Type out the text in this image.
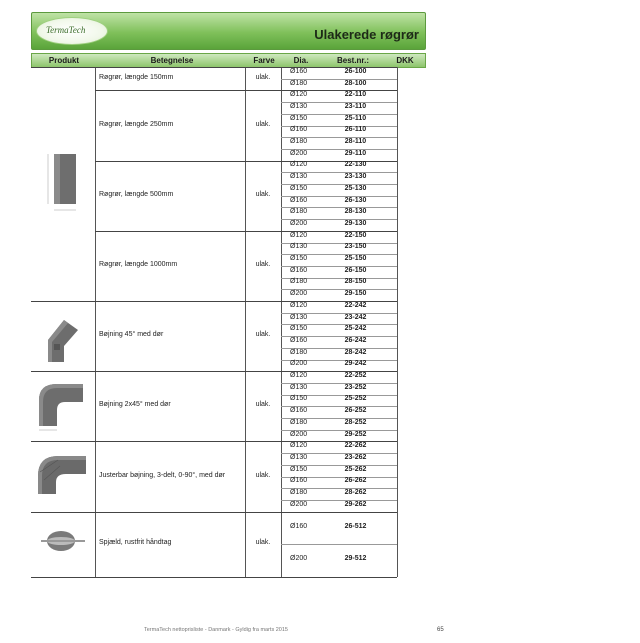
TermaTech	Ulakerede røgrør
Produkt	Betegnelse	Farve	Dia.	Best.nr.:	DKK
Røgrør, længde 150mm	ulak.
Ø160	26-100
Ø180	28-100
Røgrør, længde 250mm	ulak.
Ø120	22-110
Ø130	23-110
Ø150	25-110
Ø160	26-110
Ø180	28-110
Ø200	29-110
Røgrør, længde 500mm	ulak.
Ø120	22-130
Ø130	23-130
Ø150	25-130
Ø160	26-130
Ø180	28-130
Ø200	29-130
Røgrør, længde 1000mm	ulak.
Ø120	22-150
Ø130	23-150
Ø150	25-150
Ø160	26-150
Ø180	28-150
Ø200	29-150
Bøjning 45° med dør	ulak.
Ø120	22-242
Ø130	23-242
Ø150	25-242
Ø160	26-242
Ø180	28-242
Ø200	29-242
Bøjning 2x45° med dør	ulak.
Ø120	22-252
Ø130	23-252
Ø150	25-252
Ø160	26-252
Ø180	28-252
Ø200	29-252
Justerbar bøjning, 3-delt, 0-90°, med dør	ulak.
Ø120	22-262
Ø130	23-262
Ø150	25-262
Ø160	26-262
Ø180	28-262
Ø200	29-262
Spjæld, rustfrit håndtag	ulak.
Ø160	26-512
Ø200	29-512
TermaTech nettoprisliste - Danmark - Gyldig fra marts 2015	65
